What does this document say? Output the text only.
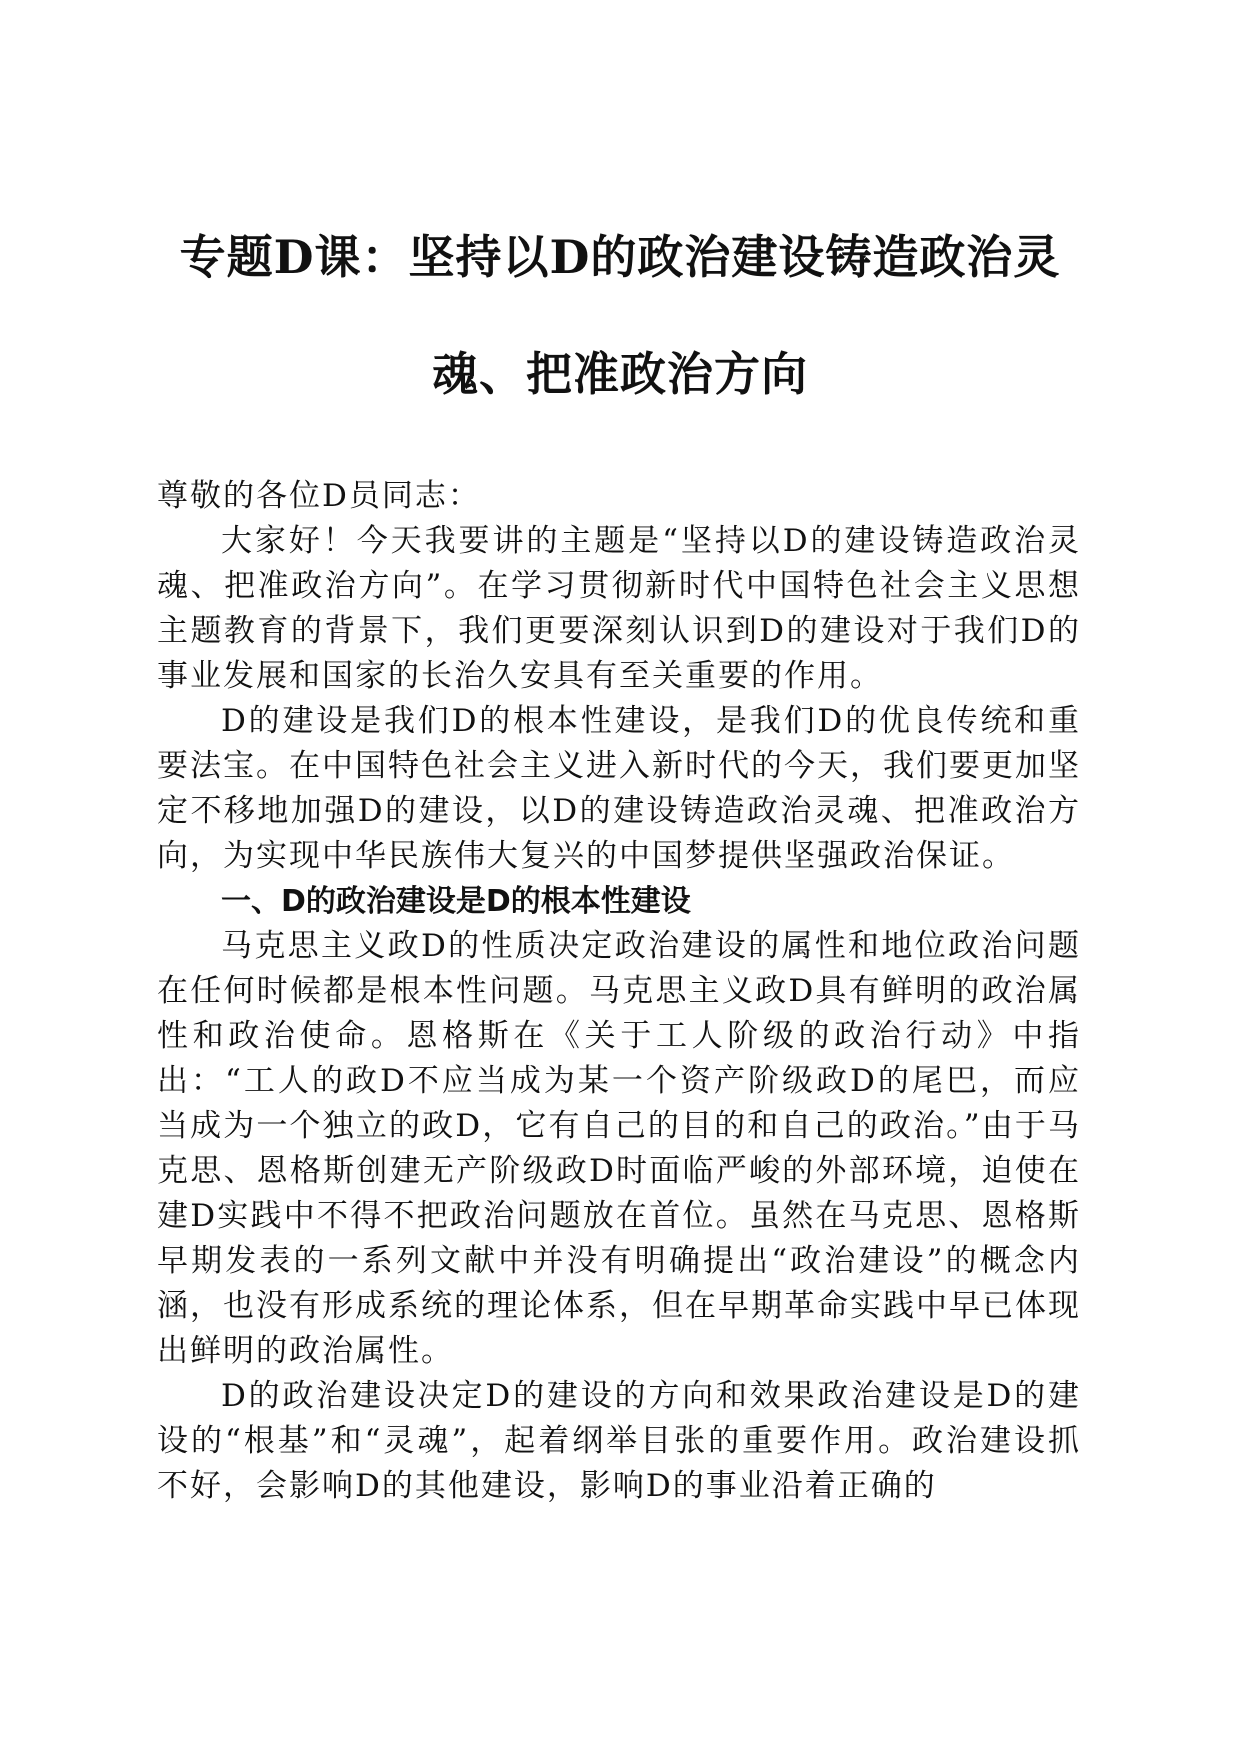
专题D课：坚持以D的政治建设铸造政治灵
魂、把准政治方向

尊敬的各位D员同志：

大家好！今天我要讲的主题是“坚持以D的建设铸造政治灵魂、把准政治方向”。在学习贯彻新时代中国特色社会主义思想主题教育的背景下，我们更要深刻认识到D的建设对于我们D的事业发展和国家的长治久安具有至关重要的作用。

D的建设是我们D的根本性建设，是我们D的优良传统和重要法宝。在中国特色社会主义进入新时代的今天，我们要更加坚定不移地加强D的建设，以D的建设铸造政治灵魂、把准政治方向，为实现中华民族伟大复兴的中国梦提供坚强政治保证。

一、D的政治建设是D的根本性建设

马克思主义政D的性质决定政治建设的属性和地位政治问题在任何时候都是根本性问题。马克思主义政D具有鲜明的政治属性和政治使命。恩格斯在《关于工人阶级的政治行动》中指出：“工人的政D不应当成为某一个资产阶级政D的尾巴，而应当成为一个独立的政D，它有自己的目的和自己的政治。”由于马克思、恩格斯创建无产阶级政D时面临严峻的外部环境，迫使在建D实践中不得不把政治问题放在首位。虽然在马克思、恩格斯早期发表的一系列文献中并没有明确提出“政治建设”的概念内涵，也没有形成系统的理论体系，但在早期革命实践中早已体现出鲜明的政治属性。

D的政治建设决定D的建设的方向和效果政治建设是D的建设的“根基”和“灵魂”，起着纲举目张的重要作用。政治建设抓不好，会影响D的其他建设，影响D的事业沿着正确的
